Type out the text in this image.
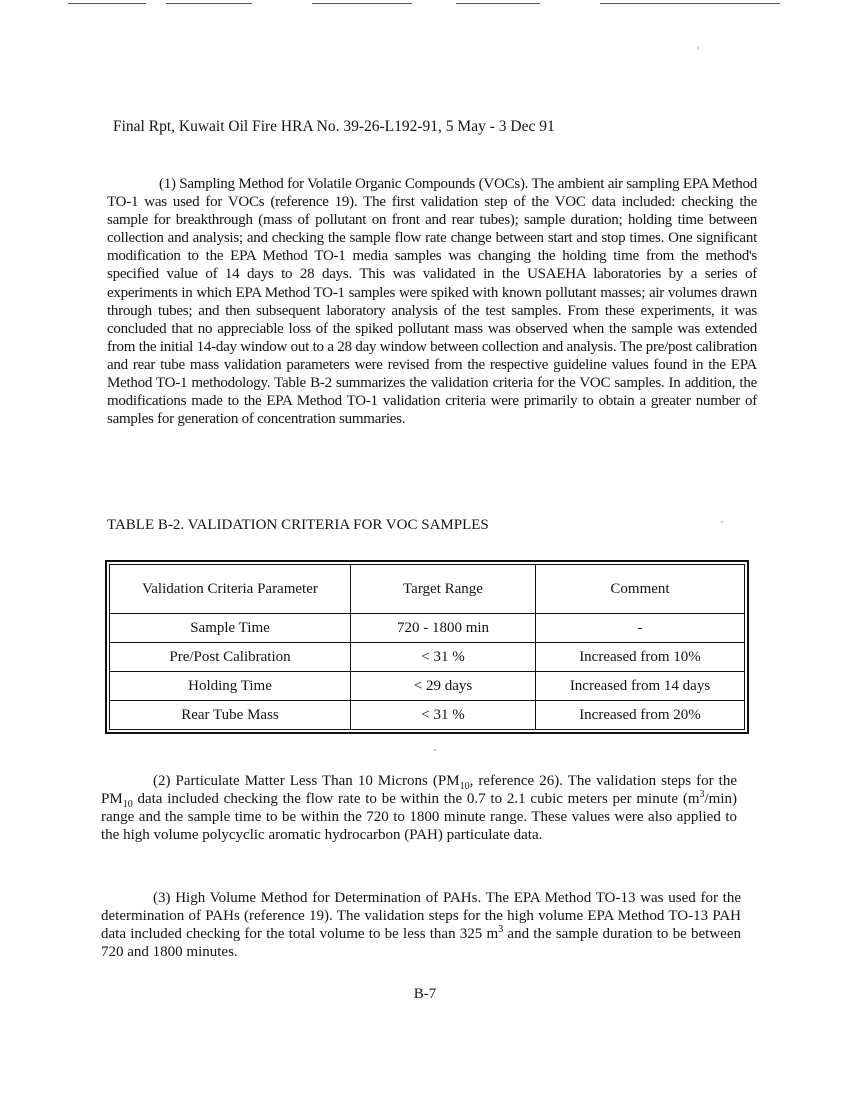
Final Rpt, Kuwait Oil Fire HRA No. 39-26-L192-91, 5 May - 3 Dec 91
(1) Sampling Method for Volatile Organic Compounds (VOCs). The ambient air sampling EPA Method TO-1 was used for VOCs (reference 19). The first validation step of the VOC data included: checking the sample for breakthrough (mass of pollutant on front and rear tubes); sample duration; holding time between collection and analysis; and checking the sample flow rate change between start and stop times. One significant modification to the EPA Method TO-1 media samples was changing the holding time from the method's specified value of 14 days to 28 days. This was validated in the USAEHA laboratories by a series of experiments in which EPA Method TO-1 samples were spiked with known pollutant masses; air volumes drawn through tubes; and then subsequent laboratory analysis of the test samples. From these experiments, it was concluded that no appreciable loss of the spiked pollutant mass was observed when the sample was extended from the initial 14-day window out to a 28 day window between collection and analysis. The pre/post calibration and rear tube mass validation parameters were revised from the respective guideline values found in the EPA Method TO-1 methodology. Table B-2 summarizes the validation criteria for the VOC samples. In addition, the modifications made to the EPA Method TO-1 validation criteria were primarily to obtain a greater number of samples for generation of concentration summaries.
TABLE B-2. VALIDATION CRITERIA FOR VOC SAMPLES
Validation Criteria Parameter	Target Range	Comment
Sample Time	720 - 1800 min	-
Pre/Post Calibration	< 31 %	Increased from 10%
Holding Time	< 29 days	Increased from 14 days
Rear Tube Mass	< 31 %	Increased from 20%
(2) Particulate Matter Less Than 10 Microns ($PM_{10}$, reference 26). The validation steps for the $PM_{10}$ data included checking the flow rate to be within the 0.7 to 2.1 cubic meters per minute $(m^3/\min)$ range and the sample time to be within the 720 to 1800 minute range. These values were also applied to the high volume polycyclic aromatic hydrocarbon (PAH) particulate data.
(3) High Volume Method for Determination of PAHs. The EPA Method TO-13 was used for the determination of PAHs (reference 19). The validation steps for the high volume EPA Method TO-13 PAH data included checking for the total volume to be less than 325 $m^3$ and the sample duration to be between 720 and 1800 minutes.
B-7
